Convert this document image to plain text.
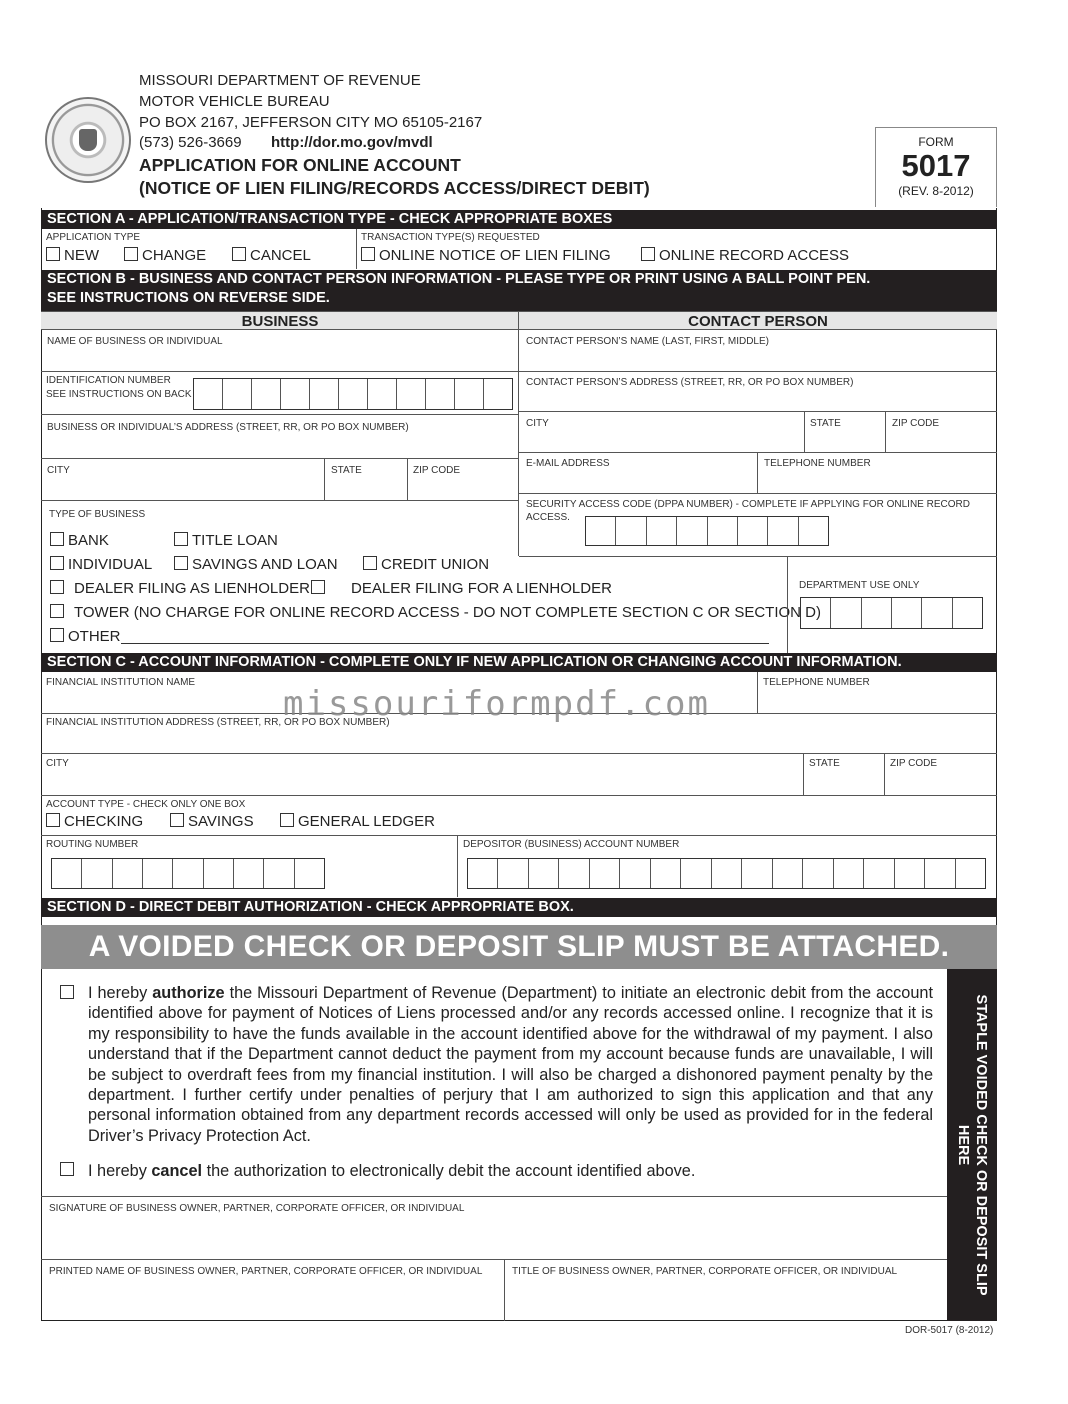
MISSOURI DEPARTMENT OF REVENUE
MOTOR VEHICLE BUREAU
PO BOX 2167, JEFFERSON CITY MO 65105-2167
(573) 526-3669 http://dor.mo.gov/mvdl
APPLICATION FOR ONLINE ACCOUNT
(NOTICE OF LIEN FILING/RECORDS ACCESS/DIRECT DEBIT)
FORM
5017
(REV. 8-2012)
SECTION A - APPLICATION/TRANSACTION TYPE - CHECK APPROPRIATE BOXES
APPLICATION TYPE
NEW	CHANGE	CANCEL
TRANSACTION TYPE(S) REQUESTED
ONLINE NOTICE OF LIEN FILING	ONLINE RECORD ACCESS
SECTION B - BUSINESS AND CONTACT PERSON INFORMATION - PLEASE TYPE OR PRINT USING A BALL POINT PEN.
SEE INSTRUCTIONS ON REVERSE SIDE.
BUSINESS	CONTACT PERSON
NAME OF BUSINESS OR INDIVIDUAL
IDENTIFICATION NUMBER
SEE INSTRUCTIONS ON BACK
BUSINESS OR INDIVIDUAL’S ADDRESS (STREET, RR, OR PO BOX NUMBER)
CITY	STATE	ZIP CODE
TYPE OF BUSINESS
BANK	TITLE LOAN
INDIVIDUAL	SAVINGS AND LOAN	CREDIT UNION
DEALER FILING AS LIENHOLDER	DEALER FILING FOR A LIENHOLDER
TOWER (NO CHARGE FOR ONLINE RECORD ACCESS - DO NOT COMPLETE SECTION C OR SECTION D)
OTHER
CONTACT PERSON’S NAME (LAST, FIRST, MIDDLE)
CONTACT PERSON’S ADDRESS (STREET, RR, OR PO BOX NUMBER)
CITY	STATE	ZIP CODE
E-MAIL ADDRESS	TELEPHONE NUMBER
SECURITY ACCESS CODE (DPPA NUMBER) - COMPLETE IF APPLYING FOR ONLINE RECORD
ACCESS.
DEPARTMENT USE ONLY
SECTION C - ACCOUNT INFORMATION - COMPLETE ONLY IF NEW APPLICATION OR CHANGING ACCOUNT INFORMATION.
FINANCIAL INSTITUTION NAME	TELEPHONE NUMBER
FINANCIAL INSTITUTION ADDRESS (STREET, RR, OR PO BOX NUMBER)
CITY	STATE	ZIP CODE
ACCOUNT TYPE - CHECK ONLY ONE BOX
CHECKING	SAVINGS	GENERAL LEDGER
ROUTING NUMBER	DEPOSITOR (BUSINESS) ACCOUNT NUMBER
missouriformpdf.com
SECTION D - DIRECT DEBIT AUTHORIZATION - CHECK APPROPRIATE BOX.
A VOIDED CHECK OR DEPOSIT SLIP MUST BE ATTACHED.
I hereby authorize the Missouri Department of Revenue (Department) to initiate an electronic debit from the account identified above for payment of Notices of Liens processed and/or any records accessed online. I recognize that it is my responsibility to have the funds available in the account identified above for the withdrawal of my payment. I also understand that if the Department cannot deduct the payment from my account because funds are unavailable, I will be subject to overdraft fees from my financial institution. I will also be charged a dishonored payment penalty by the department. I further certify under penalties of perjury that I am authorized to sign this application and that any personal information obtained from any department records accessed will only be used as provided for in the federal Driver’s Privacy Protection Act.
I hereby cancel the authorization to electronically debit the account identified above.
SIGNATURE OF BUSINESS OWNER, PARTNER, CORPORATE OFFICER, OR INDIVIDUAL
PRINTED NAME OF BUSINESS OWNER, PARTNER, CORPORATE OFFICER, OR INDIVIDUAL	TITLE OF BUSINESS OWNER, PARTNER, CORPORATE OFFICER, OR INDIVIDUAL	STAPLE VOIDED CHECK OR DEPOSIT SLIP HERE
DOR-5017 (8-2012)
